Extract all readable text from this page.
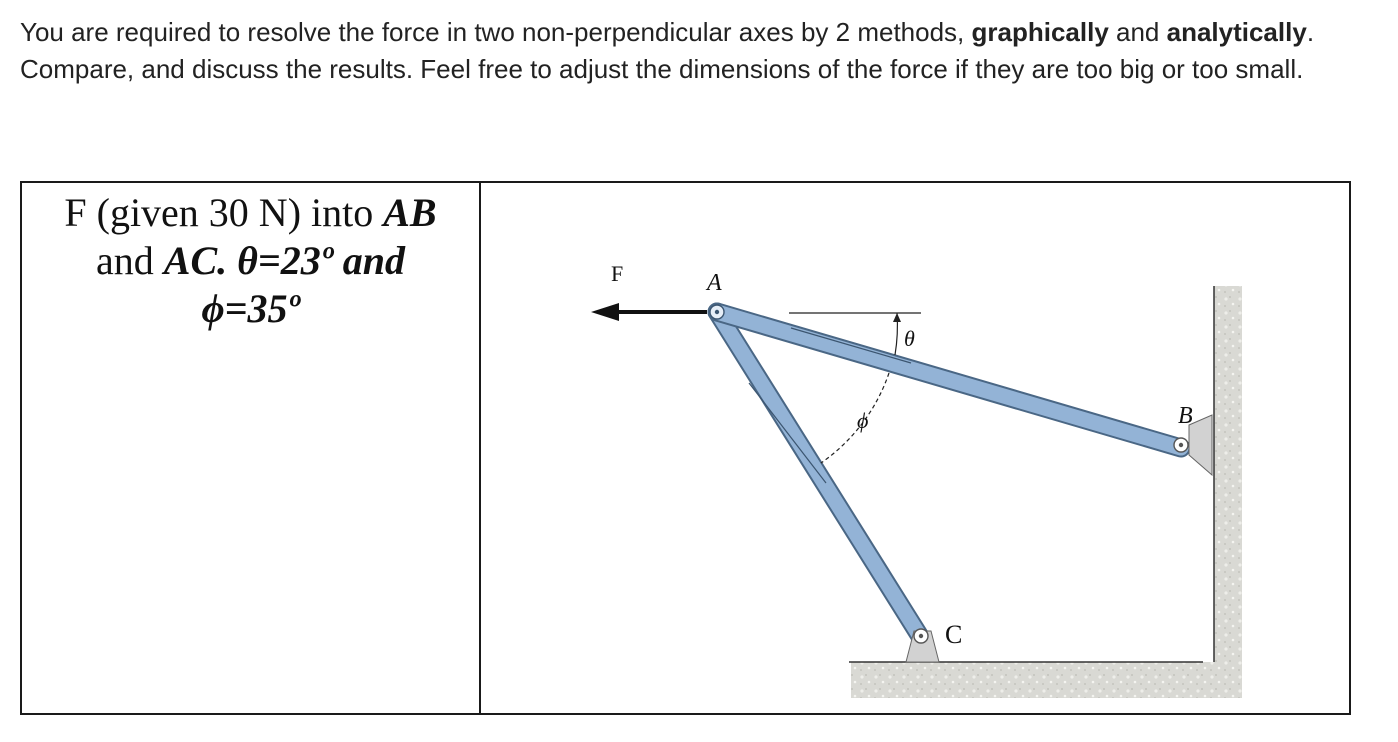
You are required to resolve the force in two non-perpendicular axes by 2 methods, graphically and analytically. Compare, and discuss the results. Feel free to adjust the dimensions of the force if they are too big or too small.

F (given 30 N) into AB
and AC. θ=23º and
ϕ=35º

F	A
B
C
θ
ϕ
